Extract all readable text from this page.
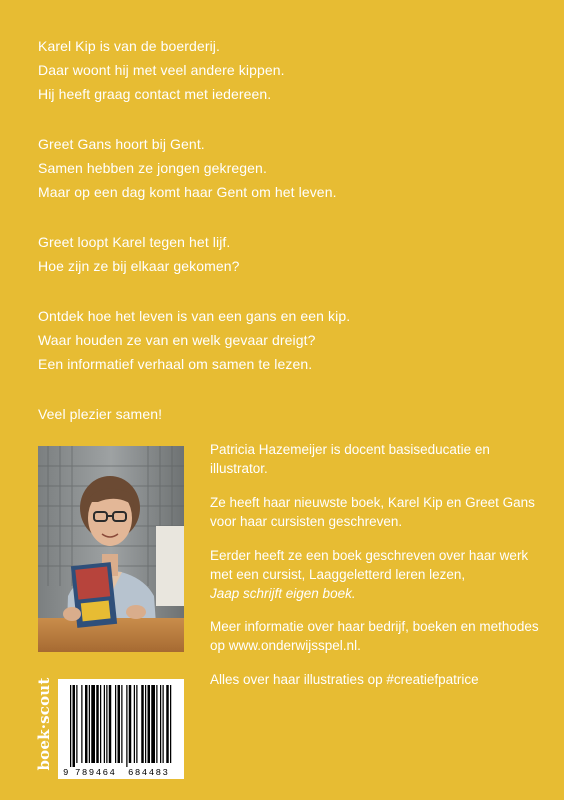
Karel Kip is van de boerderij.

Daar woont hij met veel andere kippen.

Hij heeft graag contact met iedereen.

Greet Gans hoort bij Gent.

Samen hebben ze jongen gekregen.

Maar op een dag komt haar Gent om het leven.

Greet loopt Karel tegen het lijf.

Hoe zijn ze bij elkaar gekomen?

Ontdek hoe het leven is van een gans en een kip.

Waar houden ze van en welk gevaar dreigt?

Een informatief verhaal om samen te lezen.

Veel plezier samen!

Patricia Hazemeijer is docent basiseducatie en illustrator.

Ze heeft haar nieuwste boek, Karel Kip en Greet Gans voor haar cursisten geschreven.

Eerder heeft ze een boek geschreven over haar werk met een cursist, Laaggeletterd leren lezen,
Jaap schrijft eigen boek.

Meer informatie over haar bedrijf, boeken en methodes op www.onderwijsspel.nl.

Alles over haar illustraties op #creatiefpatrice

boek·scout
9 789464 684483
